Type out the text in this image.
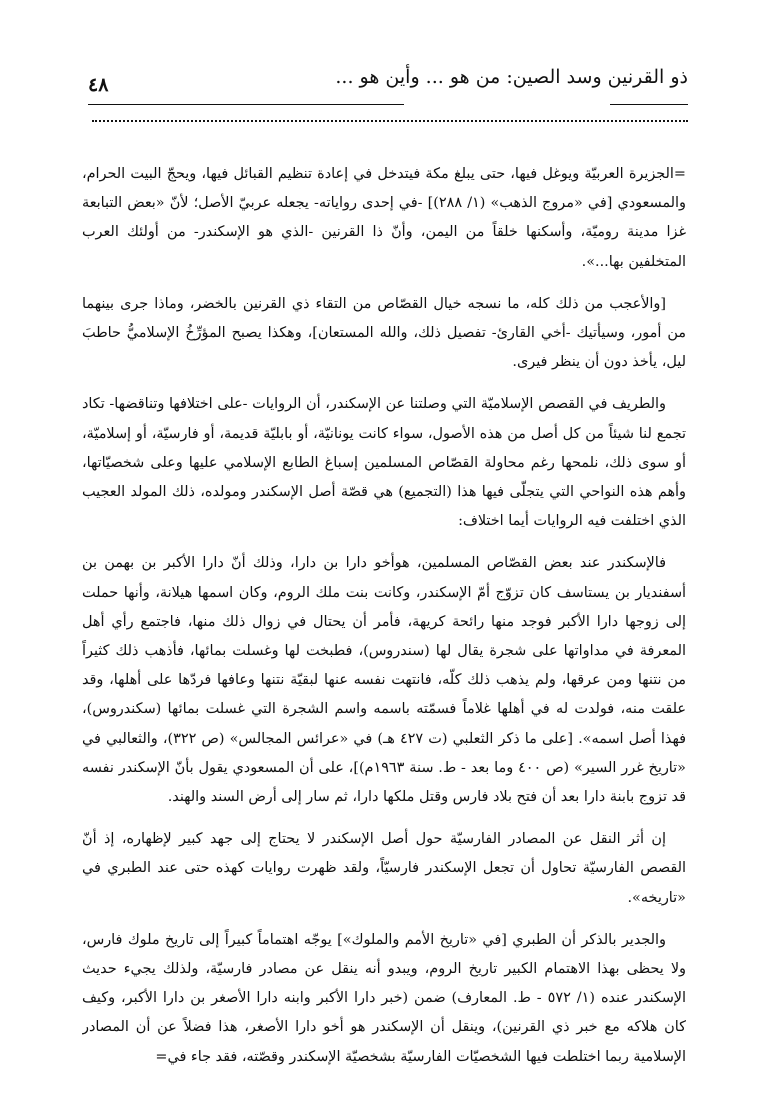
٤٨	ذو القرنين وسد الصين: من هو ... وأين هو ...

=الجزيرة العربيّة ويوغل فيها، حتى يبلغ مكة فيتدخل في إعادة تنظيم القبائل فيها، ويحجّ البيت الحرام، والمسعودي [في «مروج الذهب» (١/ ٢٨٨)] -في إحدى رواياته- يجعله عربيّ الأصل؛ لأنّ «بعض التبابعة غزا مدينة روميّة، وأسكنها خلقاً من اليمن، وأنّ ذا القرنين -الذي هو الإسكندر- من أولئك العرب المتخلفين بها...».

[والأعجب من ذلك كله، ما نسجه خيال القصّاص من التقاء ذي القرنين بالخضر، وماذا جرى بينهما من أمور، وسيأتيك -أخي القارئ- تفصيل ذلك، والله المستعان]، وهكذا يصبح المؤرِّخُ الإسلاميُّ حاطبَ ليل، يأخذ دون أن ينظر فيرى.

والطريف في القصص الإسلاميّة التي وصلتنا عن الإسكندر، أن الروايات -على اختلافها وتناقضها- تكاد تجمع لنا شيئاً من كل أصل من هذه الأصول، سواء كانت يونانيّة، أو بابليّة قديمة، أو فارسيّة، أو إسلاميّة، أو سوى ذلك، نلمحها رغم محاولة القصّاص المسلمين إسباغ الطابع الإسلامي عليها وعلى شخصيّاتها، وأهم هذه النواحي التي يتجلّى فيها هذا (التجميع) هي قصّة أصل الإسكندر ومولده، ذلك المولد العجيب الذي اختلفت فيه الروايات أيما اختلاف:

فالإسكندر عند بعض القصّاص المسلمين، هوأخو دارا بن دارا، وذلك أنّ دارا الأكبر بن بهمن بن أسفنديار بن يستاسف كان تزوّج أمّ الإسكندر، وكانت بنت ملك الروم، وكان اسمها هيلانة، وأنها حملت إلى زوجها دارا الأكبر فوجد منها رائحة كريهة، فأمر أن يحتال في زوال ذلك منها، فاجتمع رأي أهل المعرفة في مداواتها على شجرة يقال لها (سندروس)، فطبخت لها وغسلت بمائها، فأذهب ذلك كثيراً من نتنها ومن عرقها، ولم يذهب ذلك كلّه، فانتهت نفسه عنها لبقيّة نتنها وعافها فردّها على أهلها، وقد علقت منه، فولدت له في أهلها غلاماً فسمّته باسمه واسم الشجرة التي غسلت بمائها (سكندروس)، فهذا أصل اسمه». [على ما ذكر الثعلبي (ت ٤٢٧ هـ) في «عرائس المجالس» (ص ٣٢٢)، والثعالبي في «تاريخ غرر السير» (ص ٤٠٠ وما بعد - ط. سنة ١٩٦٣م)]، على أن المسعودي يقول بأنّ الإسكندر نفسه قد تزوج بابنة دارا بعد أن فتح بلاد فارس وقتل ملكها دارا، ثم سار إلى أرض السند والهند.

إن أثر النقل عن المصادر الفارسيّة حول أصل الإسكندر لا يحتاج إلى جهد كبير لإظهاره، إذ أنّ القصص الفارسيّة تحاول أن تجعل الإسكندر فارسيّاً، ولقد ظهرت روايات كهذه حتى عند الطبري في «تاريخه».

والجدير بالذكر أن الطبري [في «تاريخ الأمم والملوك»] يوجّه اهتماماً كبيراً إلى تاريخ ملوك فارس، ولا يحظى بهذا الاهتمام الكبير تاريخ الروم، ويبدو أنه ينقل عن مصادر فارسيّة، ولذلك يجيء حديث الإسكندر عنده (١/ ٥٧٢ - ط. المعارف) ضمن (خبر دارا الأكبر وابنه دارا الأصغر بن دارا الأكبر، وكيف كان هلاكه مع خبر ذي القرنين)، وينقل أن الإسكندر هو أخو دارا الأصغر، هذا فضلاً عن أن المصادر الإسلامية ربما اختلطت فيها الشخصيّات الفارسيّة بشخصيّة الإسكندر وقصّته، فقد جاء في=
